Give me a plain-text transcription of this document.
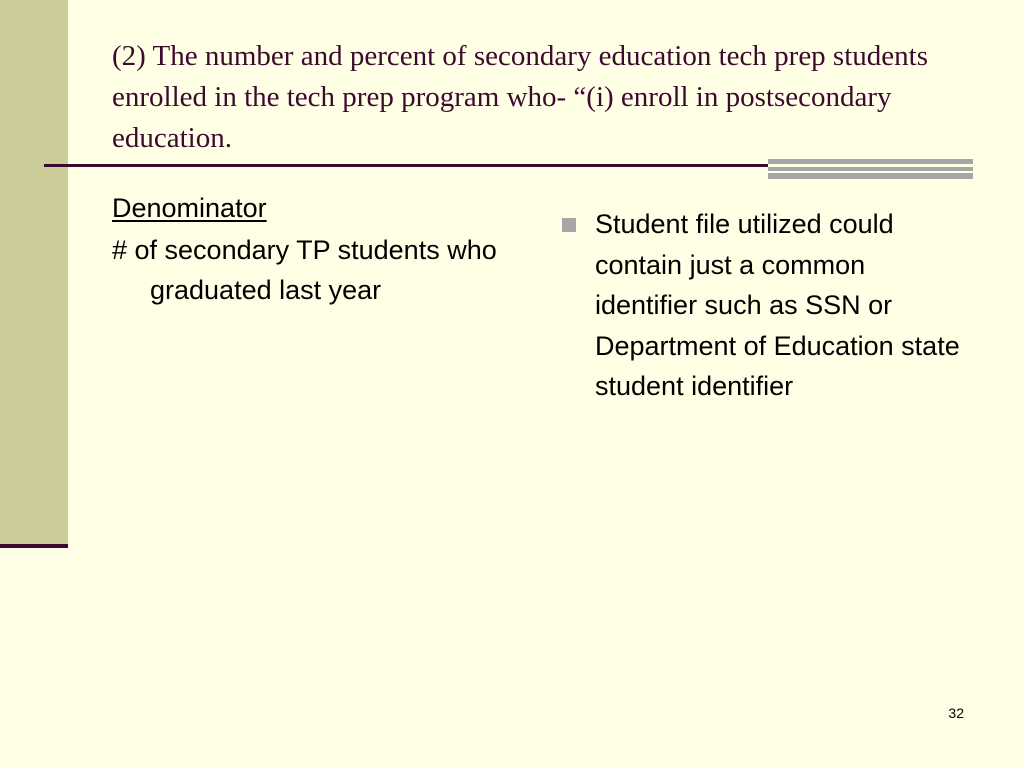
(2) The number and percent of secondary education tech prep students enrolled in the tech prep program who- “(i) enroll in postsecondary education.

Denominator

# of secondary TP students who graduated last year

Student file utilized could contain just a common identifier such as SSN or Department of Education state student identifier
32
